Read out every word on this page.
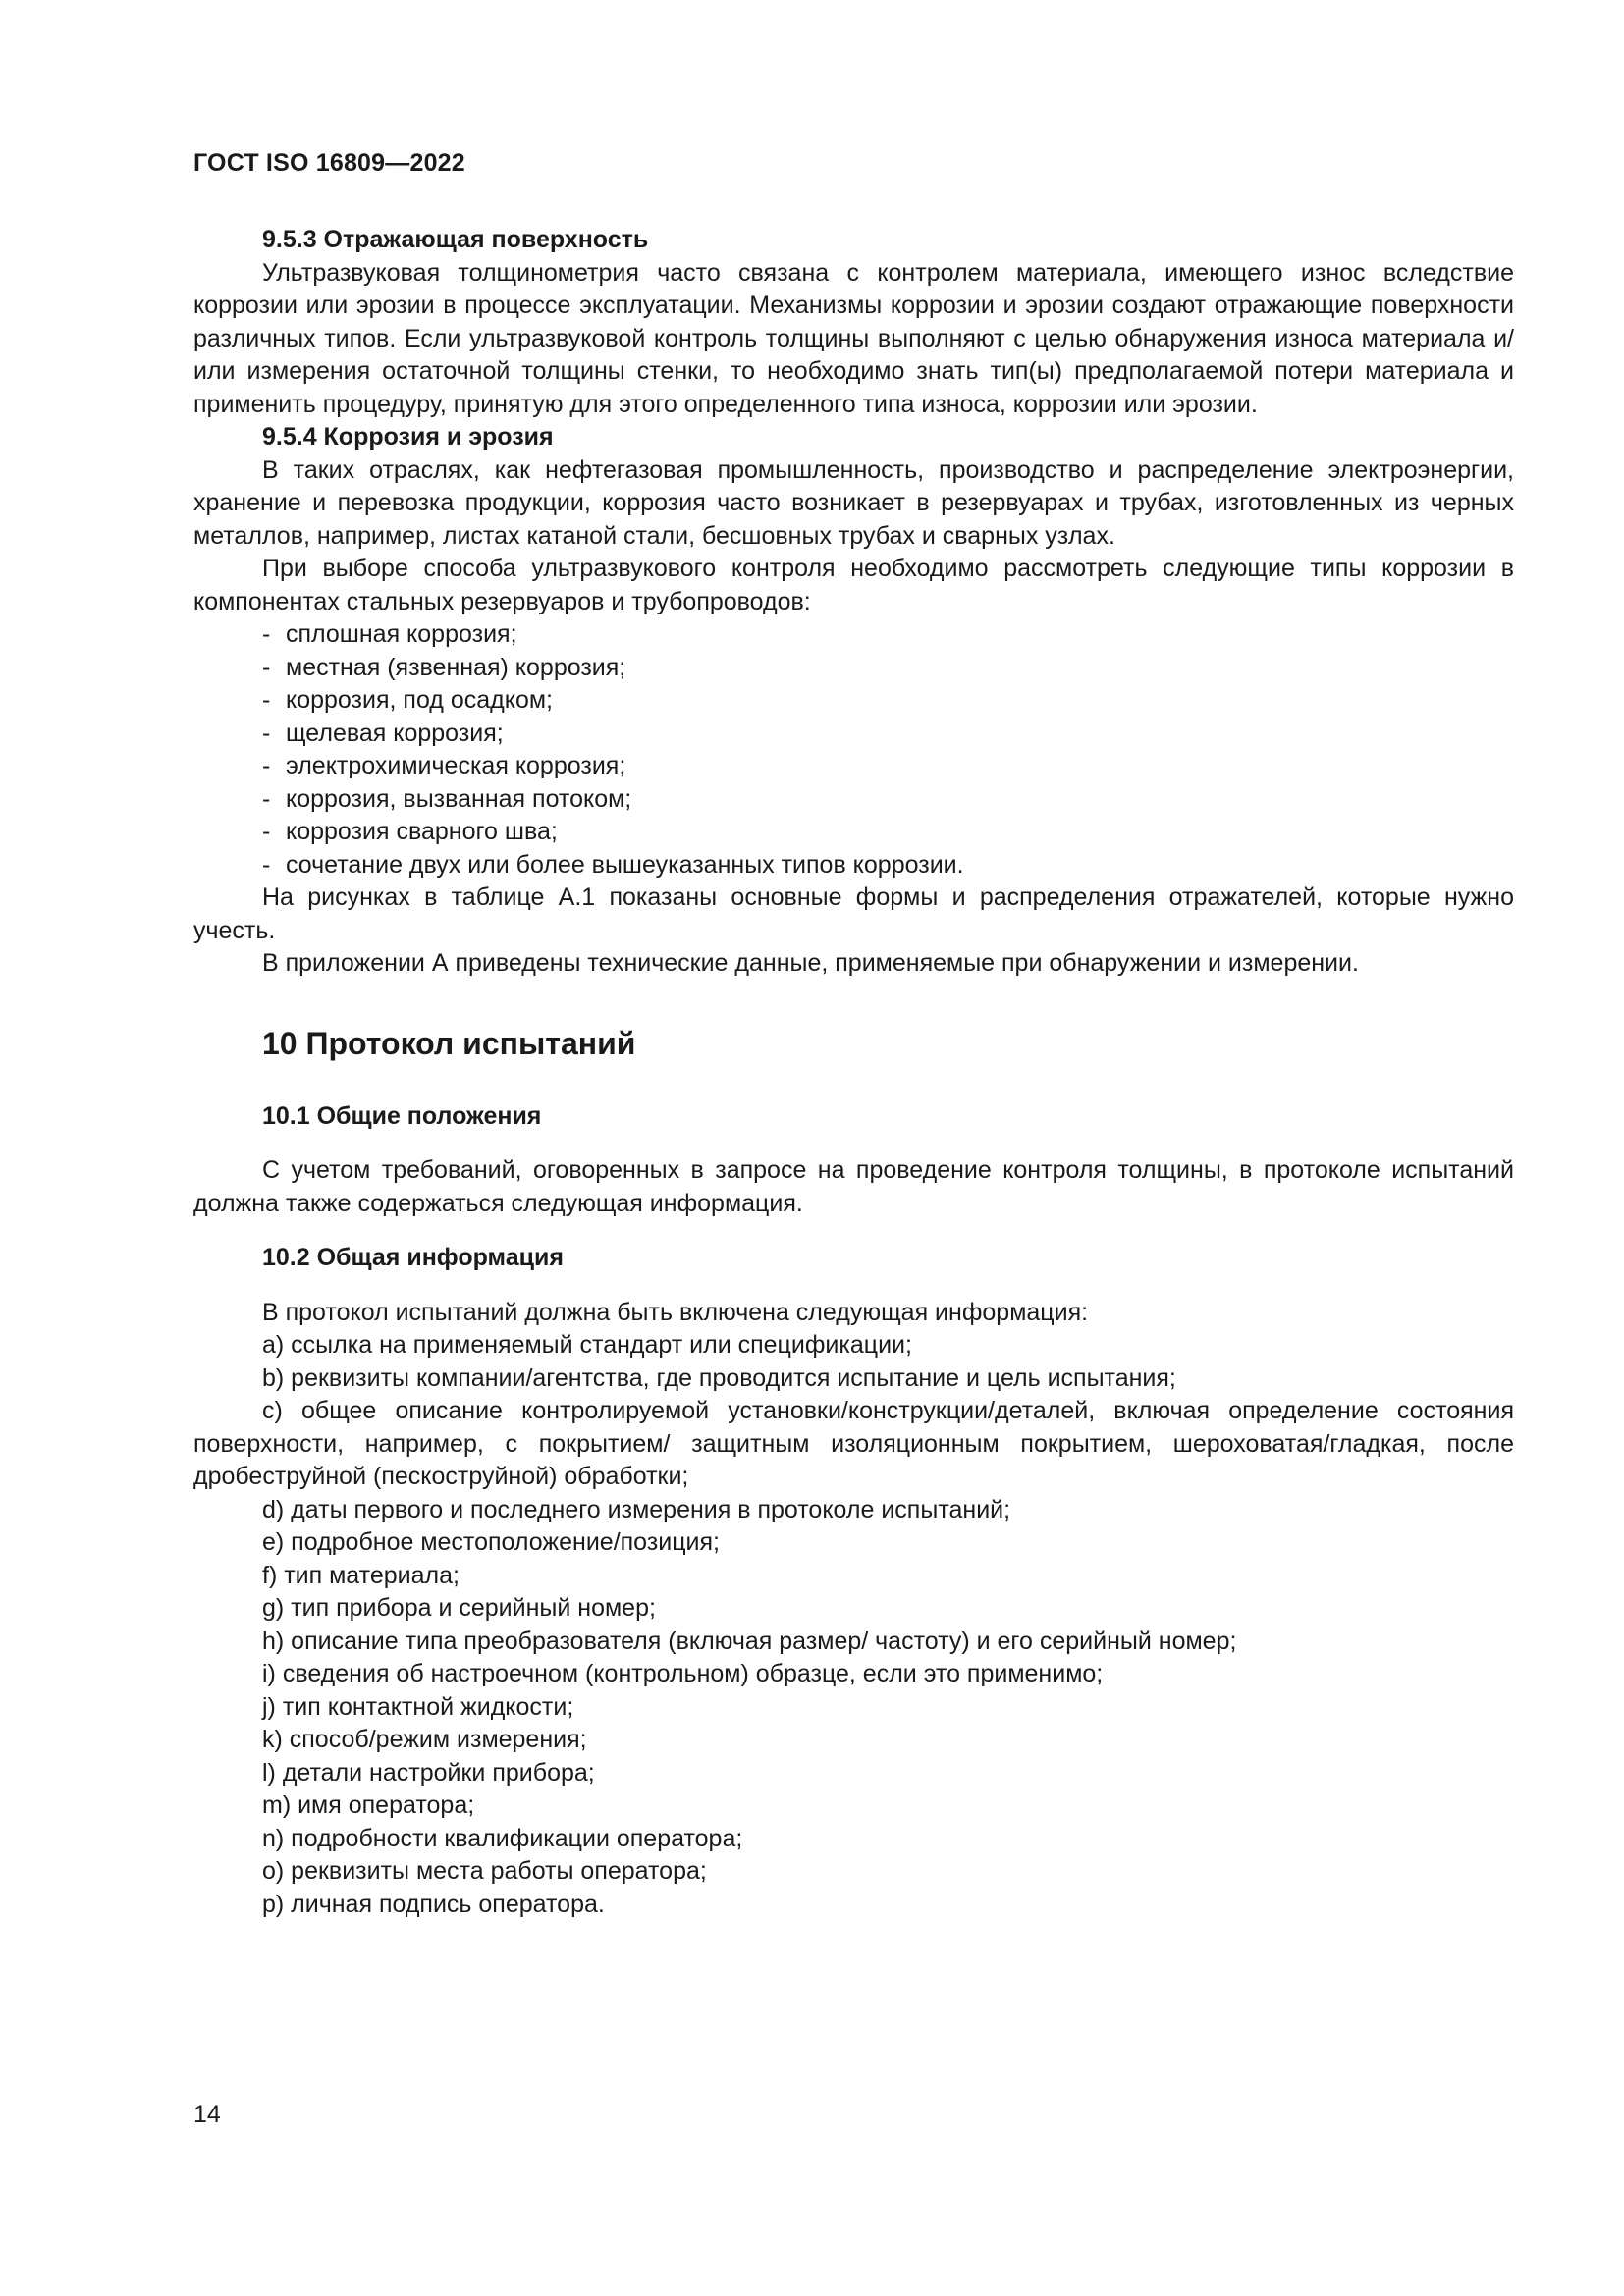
ГОСТ ISO 16809—2022
9.5.3 Отражающая поверхность

Ультразвуковая толщинометрия часто связана с контролем материала, имеющего износ вследствие коррозии или эрозии в процессе эксплуатации. Механизмы коррозии и эрозии создают отражающие поверхности различных типов. Если ультразвуковой контроль толщины выполняют с целью обнаружения износа материала и/или измерения остаточной толщины стенки, то необходимо знать тип(ы) предполагаемой потери материала и применить процедуру, принятую для этого определенного типа износа, коррозии или эрозии.

9.5.4 Коррозия и эрозия

В таких отраслях, как нефтегазовая промышленность, производство и распределение электроэнергии, хранение и перевозка продукции, коррозия часто возникает в резервуарах и трубах, изготовленных из черных металлов, например, листах катаной стали, бесшовных трубах и сварных узлах.

При выборе способа ультразвукового контроля необходимо рассмотреть следующие типы коррозии в компонентах стальных резервуаров и трубопроводов:

- сплошная коррозия;
- местная (язвенная) коррозия;
- коррозия, под осадком;
- щелевая коррозия;
- электрохимическая коррозия;
- коррозия, вызванная потоком;
- коррозия сварного шва;
- сочетание двух или более вышеуказанных типов коррозии.

На рисунках в таблице А.1 показаны основные формы и распределения отражателей, которые нужно учесть.

В приложении А приведены технические данные, применяемые при обнаружении и измерении.

10 Протокол испытаний
10.1 Общие положения

С учетом требований, оговоренных в запросе на проведение контроля толщины, в протоколе испытаний должна также содержаться следующая информация.

10.2 Общая информация

В протокол испытаний должна быть включена следующая информация:

a) ссылка на применяемый стандарт или спецификации;
b) реквизиты компании/агентства, где проводится испытание и цель испытания;
c) общее описание контролируемой установки/конструкции/деталей, включая определение состояния поверхности, например, с покрытием/ защитным изоляционным покрытием, шероховатая/гладкая, после дробеструйной (пескоструйной) обработки;
d) даты первого и последнего измерения в протоколе испытаний;
e) подробное местоположение/позиция;
f) тип материала;
g) тип прибора и серийный номер;
h) описание типа преобразователя (включая размер/ частоту) и его серийный номер;
i) сведения об настроечном (контрольном) образце, если это применимо;
j) тип контактной жидкости;
k) способ/режим измерения;
l) детали настройки прибора;
m) имя оператора;
n) подробности квалификации оператора;
o) реквизиты места работы оператора;
p) личная подпись оператора.
14
